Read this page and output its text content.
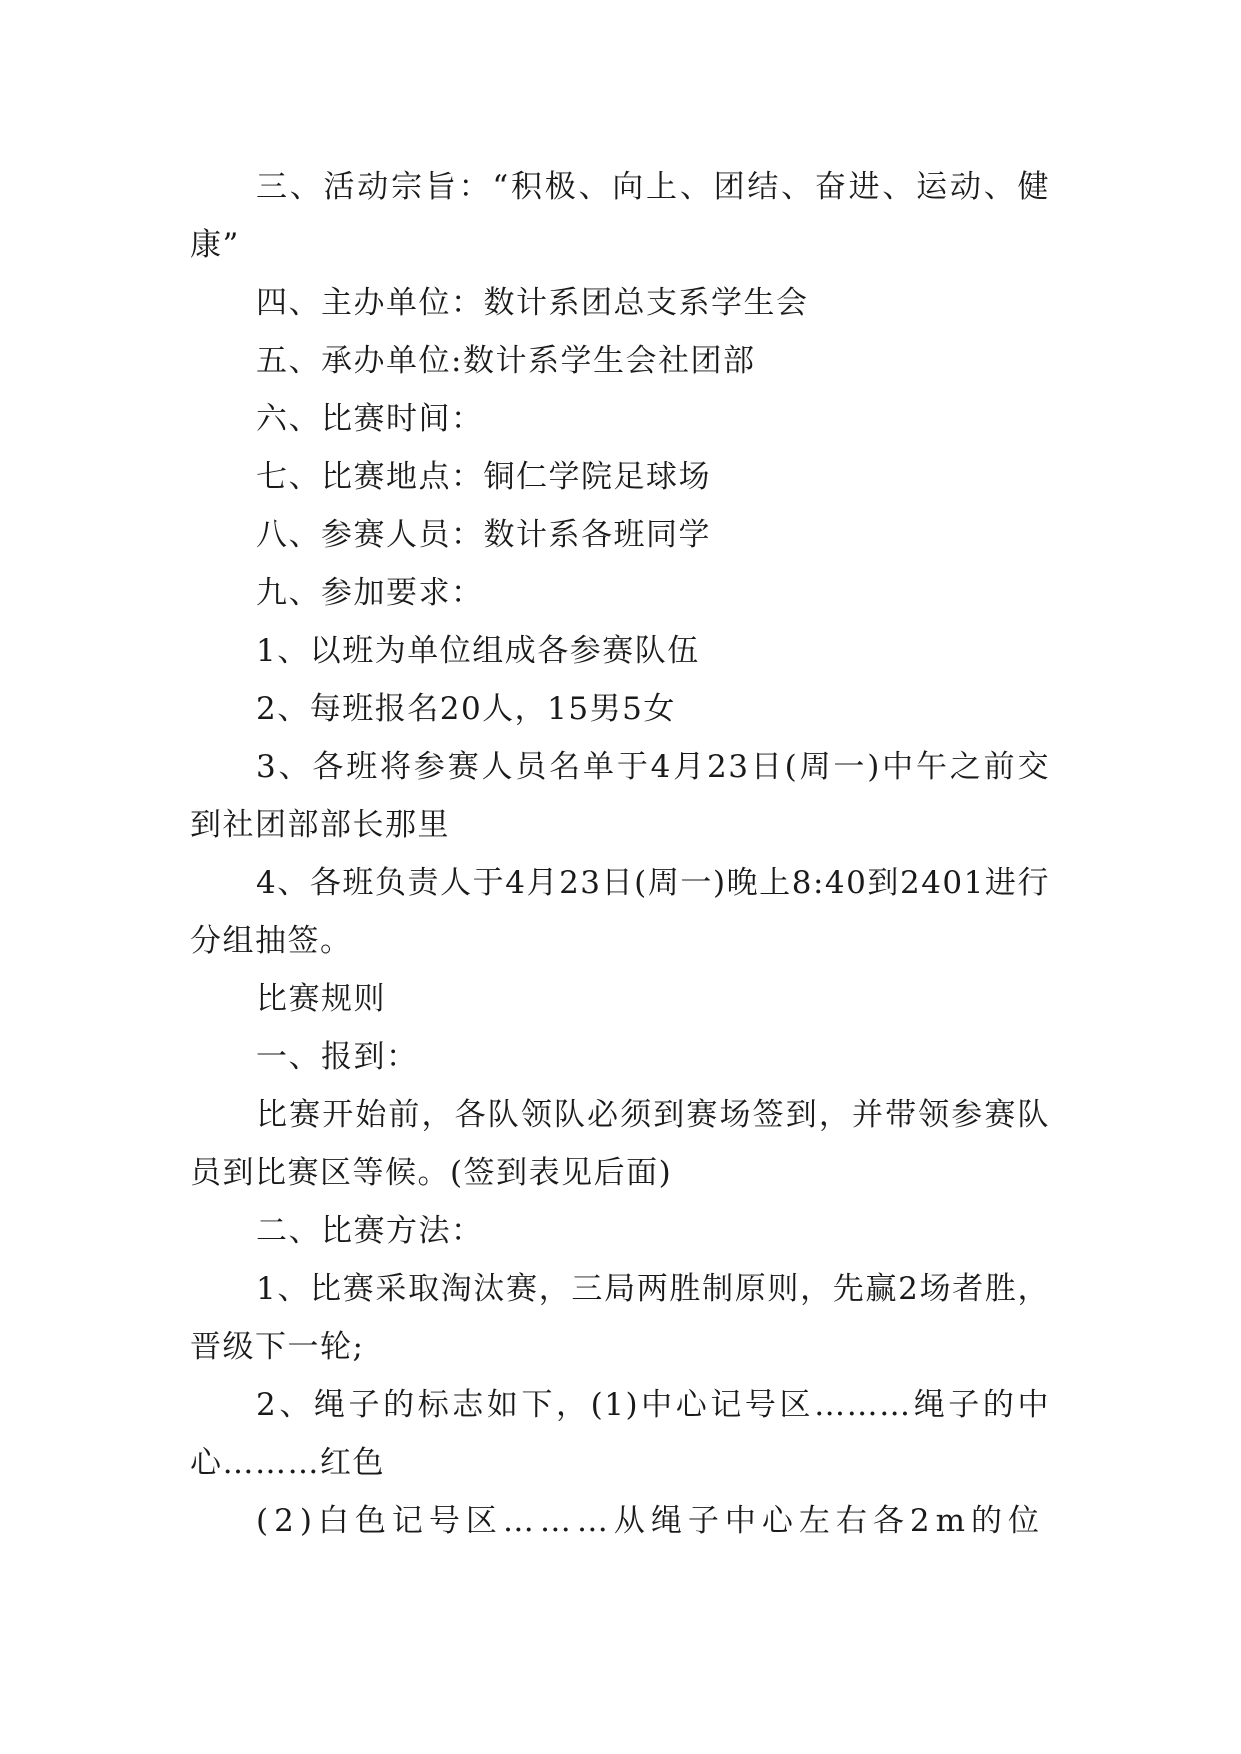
三、活动宗旨：“积极、向上、团结、奋进、运动、健康”

四、主办单位：数计系团总支系学生会

五、承办单位:数计系学生会社团部

六、比赛时间：

七、比赛地点：铜仁学院足球场

八、参赛人员：数计系各班同学

九、参加要求：

1、以班为单位组成各参赛队伍

2、每班报名20人，15男5女

3、各班将参赛人员名单于4月23日(周一)中午之前交到社团部部长那里

4、各班负责人于4月23日(周一)晚上8:40到2401进行分组抽签。

比赛规则

一、报到：

比赛开始前，各队领队必须到赛场签到，并带领参赛队员到比赛区等候。(签到表见后面)

二、比赛方法：

1、比赛采取淘汰赛，三局两胜制原则，先赢2场者胜，晋级下一轮;

2、绳子的标志如下，(1)中心记号区………绳子的中心………红色

(2)白色记号区………从绳子中心左右各2m的位
